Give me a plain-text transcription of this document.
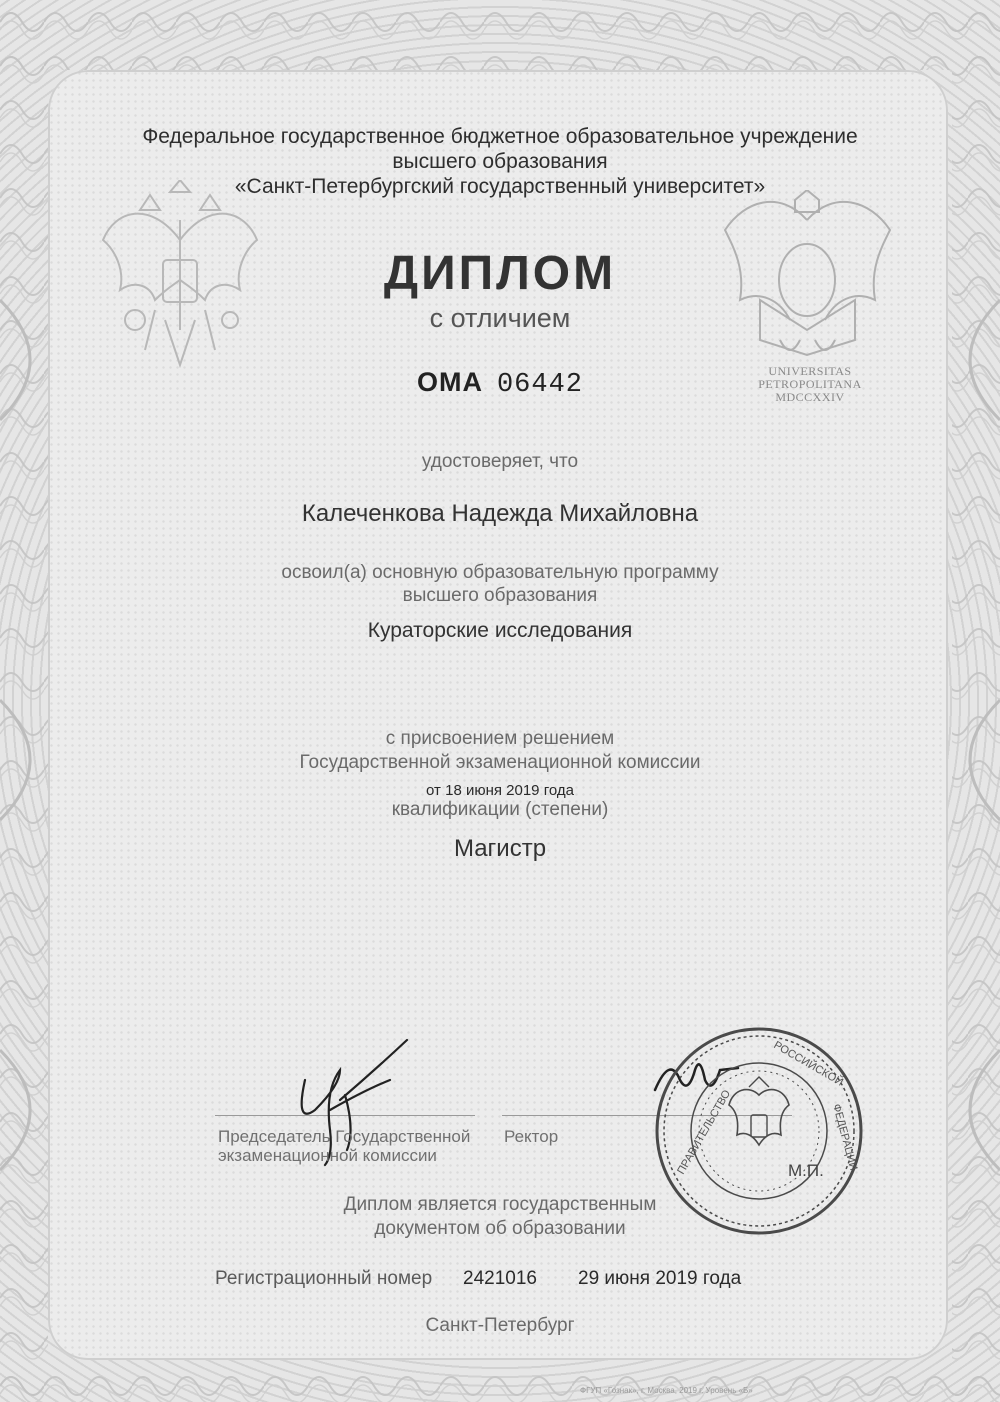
UNIVERSITAS
PETROPOLITANA
MDCCXXIV
Федеральное государственное бюджетное образовательное учреждение
высшего образования
«Санкт-Петербургский государственный университет»
ДИПЛОМ
с отличием
ОМА 06442
удостоверяет, что
Калеченкова Надежда Михайловна
освоил(а) основную образовательную программу
высшего образования
Кураторские исследования
с присвоением решением
Государственной экзаменационной комиссии
от 18 июня 2019 года
квалификации (степени)
Магистр
ПРАВИТЕЛЬСТВО
РОССИЙСКОЙ
ФЕДЕРАЦИИ
М.П.
Председатель Государственной
экзаменационной комиссии
Ректор
Диплом является государственным
документом об образовании
Регистрационный номер 2421016 29 июня 2019 года
Санкт-Петербург
ФГУП «Гознак», г. Москва, 2019 г. Уровень «Б»
